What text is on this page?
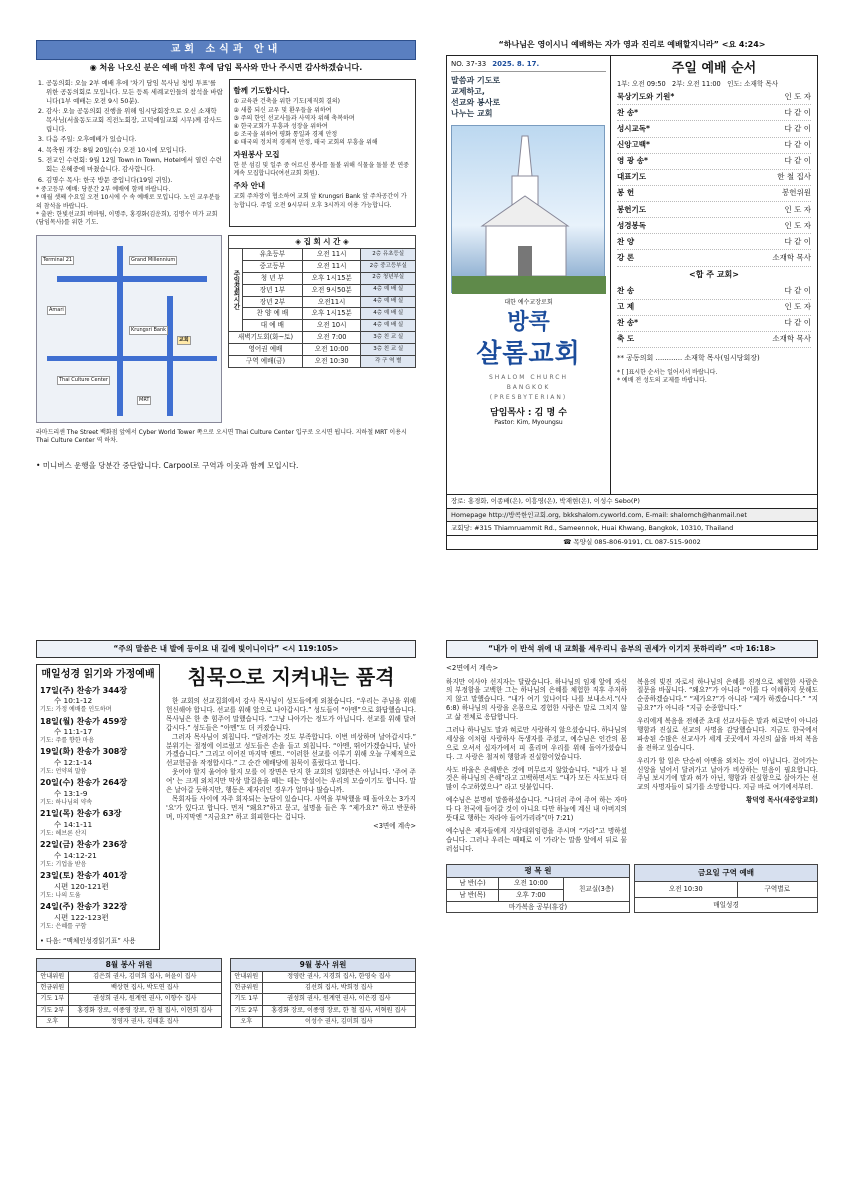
교회 소식과 안내
◉ 처음 나오신 분은 예배 마친 후에 담임 목사와 만나 주시면 감사하겠습니다.
1. 공동의회: 오늘 2부 예배 후에 '차기 담임 목사님 청빙 투표'를 위한 공동의회로 모입니다. 모든 등록 세례교인들의 참석을 바랍니다(1부 예배는 오전 9시 50분).
2. 감사: 오늘 공동의회 진행을 위해 임시당회장으로 오신 소재학 목사님(서울동도교회 직전노회장, 고덕예일교회 시무)께 감사드립니다.
3. 다음 주일: 오후예배가 있습니다.
4. 목축원 개강: 8월 20일(수) 오전 10시에 모입니다.
5. 전교인 수련회: 9월 12일 Town in Town, Hotel에서 열린 수련회는 은혜중에 마쳤습니다. 감사합니다.
6. 김명수 목사: 한국 방문 중입니다(19일 귀임).
* 중고등부 예배: 당분간 2부 예배에 함께 바랍니다.
* 매월 셋째 수요일 오전 10시에 수 속 예배로 모입니다. 노인 교우분들의 참석을 바랍니다.
* 출판: 한빛선교회 버마팀, 이명주, 홍경화(김운희), 김명수 미가 교회(담임목사)를 위한 기도.
함께 기도합시다.
① 교육관 건축을 위한 기도(제직회 결의)
② 새롭 되신 교우 및 환우들을 위하여
③ 주의 한인 선교사들과 사역자 위해 축복하며
④ 한국교회가 부흥과 성장을 위하여
⑤ 조국을 위하여 평화 통일과 경제 안정
⑥ 태국의 정치적 경제적 안정, 태국 교회의 부흥을 위해
자원봉사 모집
한 분 섬김 및 일주 중 어르신 봉사를 돌볼 위해 식물을 돌볼 분 연중 계속 모집합니다(여선교회 회원).
주차 안내
교회 주차장이 협소하여 교회 앞 Krungsri Bank 앞 주차공간이 가능합니다. 주일 오전 9시부터 오후 3시까지 이용 가능합니다.
Terminal 21	Grand Millennium
Amari
Krungsri Bank
교회
Thai Culture Center
MRT
◈ 집 회 시 간 ◈			
주일집회시간	유초등부	오전 11시	2층 유초등실
	중고등부	오전 11시	2층 중고등부실
	청 년 부	오후 1시15분	2층 청년부실
	장년 1부	오전 9시50분	4층 예 배 실
	장년 2부	오전11시	4층 예 배 실
	찬 양 예 배	오후 1시15분	4층 예 배 실
	대 예 배	오전 10시	4층 예 배 실
새벽기도회(화~토)		오전 7:00	3층 친 교 실
영어권 예배		오전 10:00	3층 친 교 실
구역 예배(금)		오전 10:30	각 구 역 별
라마드리센 The Street 백화점 앞에서 Cyber World Tower 쪽으로 오시면 Thai Culture Center 입구로 오시면 됩니다. 지하철 MRT 이용시 Thai Culture Center 역 하차.
• 미니버스 운행을 당분간 중단합니다. Carpool로 구역과 이웃과 함께 모입시다.
“하나님은 영이시니 예배하는 자가 영과 진리로 예배할지니라” <요 4:24>
NO. 37-33 2025. 8. 17.
말씀과 기도로
교제하고,
선교와 봉사로
나누는 교회
대한 예수교장로회
방콕
살롬교회
SHALOM CHURCH
BANGKOK
(PRESBYTERIAN)
담임목사 : 김 명 수
Pastor: Kim, Myoungsu
주일 예배 순서
1부: 오전 09:50 2부: 오전 11:00 인도: 소재학 목사
묵상기도와 기원*	인 도 자
찬 송*	다 같 이
성시교독*	다 같 이
신앙고백*	다 같 이
영 광 송*	다 같 이
대표기도	한 철 집사
봉 헌	봉헌위원
봉헌기도	인 도 자
성경봉독	인 도 자
찬 양	다 같 이
강 론	소재학 목사
<합 주 교회>
찬 송	다 같 이
고 제	인 도 자
찬 송*	다 같 이
축 도	소재학 목사
** 공동의회 ............ 소재학 목사(임시당회장)
* [ ]표시한 순서는 일어서서 바랍니다.
* 예배 전 성도의 교제를 바랍니다.
장로: 홍경화, 이종배(은), 이흥영(은), 박재현(은), 이성수 Sebo(P)
Homepage http://방콕한인교회.org, bkkshalom.cyworld.com, E-mail: shalomch@hanmail.net
교회당: #315 Thiamruammit Rd., Sameennok, Huai Khwang, Bangkok, 10310, Thailand
☎ 목양실 085-806-9191, CL 087-515-9002
“주의 말씀은 내 발에 등이요 내 길에 빛이니이다” <시 119:105>
매일성경 읽기와 가정예배
17일(주) 찬송가 344장
수 10:1-12
기도: 가정 예배를 인도하며
18일(월) 찬송가 459장
수 11:1-17
기도: 주를 향한 마음
19일(화) 찬송가 308장
수 12:1-14
기도: 언약의 말씀
20일(수) 찬송가 264장
수 13:1-9
기도: 하나님의 약속
21일(목) 찬송가 63장
수 14:1-11
기도: 헤브론 산지
22일(금) 찬송가 236장
수 14:12-21
기도: 기업을 받음
23일(토) 찬송가 401장
시편 120-121편
기도: 나의 도움
24일(주) 찬송가 322장
시편 122-123편
기도: 은혜를 구함
• 다음: “맥체인성경읽기표” 사용
침묵으로 지켜내는 품격

한 교회의 선교집회에서 강사 목사님이 성도들에게 외쳤습니다. “우리는 주님을 위해 헌신해야 합니다. 선교를 위해 앞으로 나아갑시다.” 성도들이 “아멘”으로 화답했습니다. 목사님은 한 층 힘주어 말했습니다. “그냥 나아가는 정도가 아닙니다. 선교를 위해 달려갑시다.” 성도들은 “아멘”도 더 커졌습니다.

그러자 목사님이 외칩니다. “달려가는 것도 부족합니다. 이번 비상하며 날아갑시다.” 분위기는 절정에 이르렀고 성도들은 손을 들고 외칩니다. “아멘, 뛰어가겠습니다, 날아가겠습니다.” 그리고 이어진 마지막 멘트. “이러한 선교를 이루기 위해 오늘 구체적으로 선교헌금을 작정합시다.” 그 순간 예배당에 침묵이 흘렀다고 합니다.

웃어야 할지 울어야 할지 모를 이 장면은 단지 한 교회의 일화만은 아닙니다. '주여 주여' 는 크게 외치지만 막상 발걸음을 떼는 데는 망설이는 우리의 모습이기도 합니다. 말은 날아갈 듯하지만, 행동은 제자리인 경우가 얼마나 많습니까.

목회자들 사이에 자주 회자되는 농담이 있습니다. 사역을 부탁했을 때 돌아오는 3가지 '요'가 있다고 합니다. 먼저 “왜요?”하고 묻고, 설명을 들은 후 “제가요?” 하고 반문하며, 마지막엔 “지금요?” 하고 회피한다는 겁니다.

<3면에 계속>

8월 봉사 위원	
안내위원	김은희 권사, 김미희 집사, 허윤이 집사
헌금위원	백상현 집사, 박도연 집사
기도 1부	권성희 권사, 원계연 권사, 이향수 집사
기도 2부	홍경화 장로, 이종영 장로, 한 철 집사, 이현희 집사
오후	정영자 권사, 김태훈 집사
9월 봉사 위원	
안내위원	정영란 권사, 지경희 집사, 한영숙 집사
헌금위원	김선희 집사, 박희정 집사
기도 1부	권성희 권사, 원계연 권사, 이은경 집사
기도 2부	홍경화 장로, 이종영 장로, 한 철 집사, 서혁원 집사
오후	이성수 권사, 김미희 집사
“내가 이 반석 위에 내 교회를 세우리니 음부의 권세가 이기지 못하리라” <마 16:18>
<2면에서 계속>

하지만 이사야 선지자는 달랐습니다. 하나님의 임재 앞에 자신의 부정함을 고백한 그는 하나님의 은혜를 체험한 직후 주저하지 않고 말했습니다. “내가 여기 있나이다 나를 보내소서.”(사 6:8) 하나님의 사랑을 온몸으로 경험한 사람은 말로 그치지 않고 삶 전체로 응답합니다.

그러나 하나님도 말과 혀로만 사랑하지 않으셨습니다. 하나님의 세상을 이처럼 사랑하사 독생자를 주셨고, 예수님은 인간의 몸으로 오셔서 십자가에서 피 흘리며 우리를 위해 돌아가셨습니다. 그 사랑은 철저히 행함과 진실함이었습니다.

사도 바울은 은혜받은 것에 머무르지 않았습니다. “내가 나 된 것은 하나님의 은혜”라고 고백하면서도 “내가 모든 사도보다 더 많이 수고하였으나” 라고 덧붙입니다.

예수님은 분명히 말씀하셨습니다. “나더러 주여 주여 하는 자마다 다 천국에 들어갈 것이 아니요 다만 하늘에 계신 내 아버지의 뜻대로 행하는 자라야 들어가리라”(마 7:21)

예수님은 제자들에게 지상대위임령을 주시며 “가라”고 명하셨습니다. 그러나 우리는 때때로 이 '가라'는 말씀 앞에서 뒤로 물러섭니다.

복음의 빚진 자로서 하나님의 은혜를 진정으로 체험한 사람은 질문을 바꿉니다. “왜요?”가 아니라 “이를 다 이해하지 못해도 순종하겠습니다.” “제가요?”가 아니라 “제가 하겠습니다.” “지금요?”가 아니라 “지금 순종합니다.”

우리에게 복음을 전해준 초대 선교사들은 말과 혀로만이 아니라 행함과 진실로 선교의 사명을 감당했습니다. 지금도 한국에서 파송된 수많은 선교사가 세계 곳곳에서 자신의 삶을 바쳐 복음을 전하고 있습니다.

우리가 할 일은 단순히 아멘을 외치는 것이 아닙니다. 걸어가는 신앙을 넘어서 달려가고 날아가 비상하는 믿음이 필요합니다. 주님 보시기에 말과 혀가 아닌, 행함과 진실함으로 살아가는 선교의 사명자들이 되기를 소망합니다. 지금 바로 여기에서부터.

황덕영 목사(새중앙교회)

평 목 원		
남 반(수)	오전 10:00	친교실(3층)
남 반(목)	오후 7:00	
마가복음 공부(휴강)		
금요일 구역 예배
오전 10:30	구역별로
매일성경
